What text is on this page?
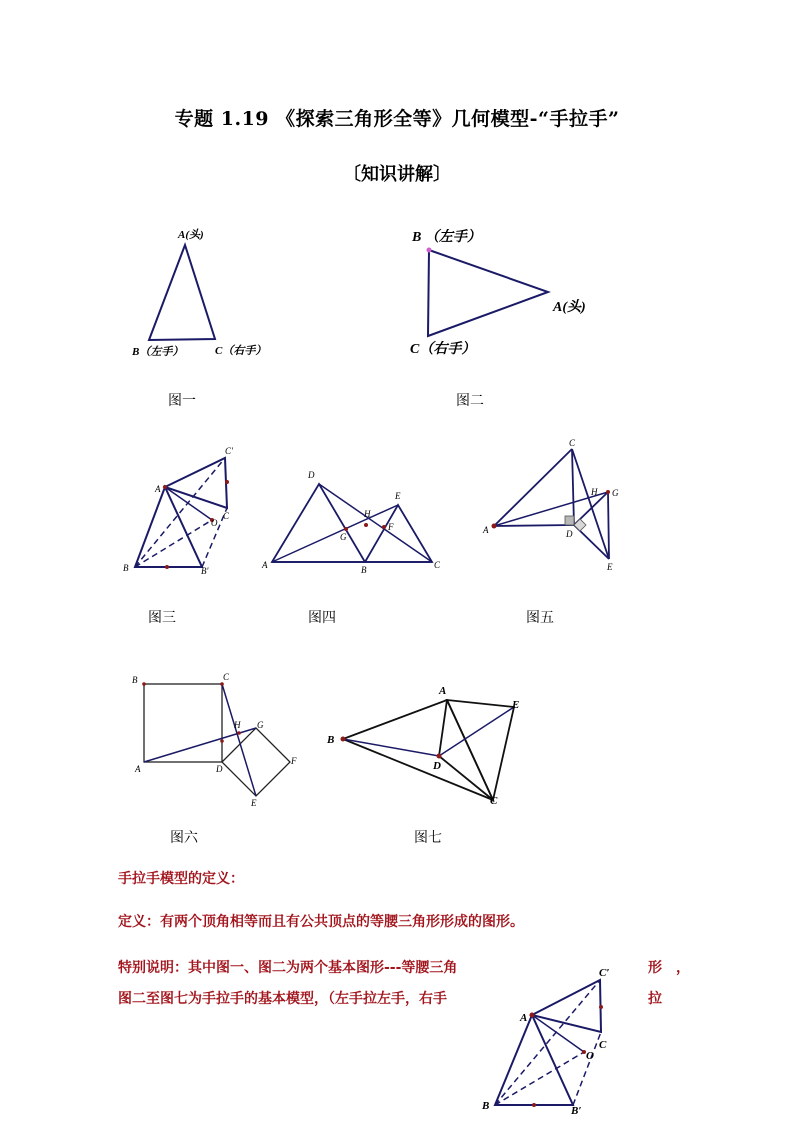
专题 1.19 《探索三角形全等》几何模型-“手拉手”
〔知识讲解〕
A(头)
B（左手）	C（右手）
图一
B （左手）
A(头)
C（右手）
图二
A
B	B′
C
C′
O
图三
A	B	C
D
E
F
G
H
图四
A
C
D
E
G
H
图五
A
B	C
D
E
F
G
H
图六
A
B
C
D
E
图七
手拉手模型的定义：
定义：有两个顶角相等而且有公共顶点的等腰三角形形成的图形。
特别说明：其中图一、图二为两个基本图形---等腰三角	形　，
图二至图七为手拉手的基本模型，（左手拉左手，右手	拉
A
B	B′
C
C′
O
